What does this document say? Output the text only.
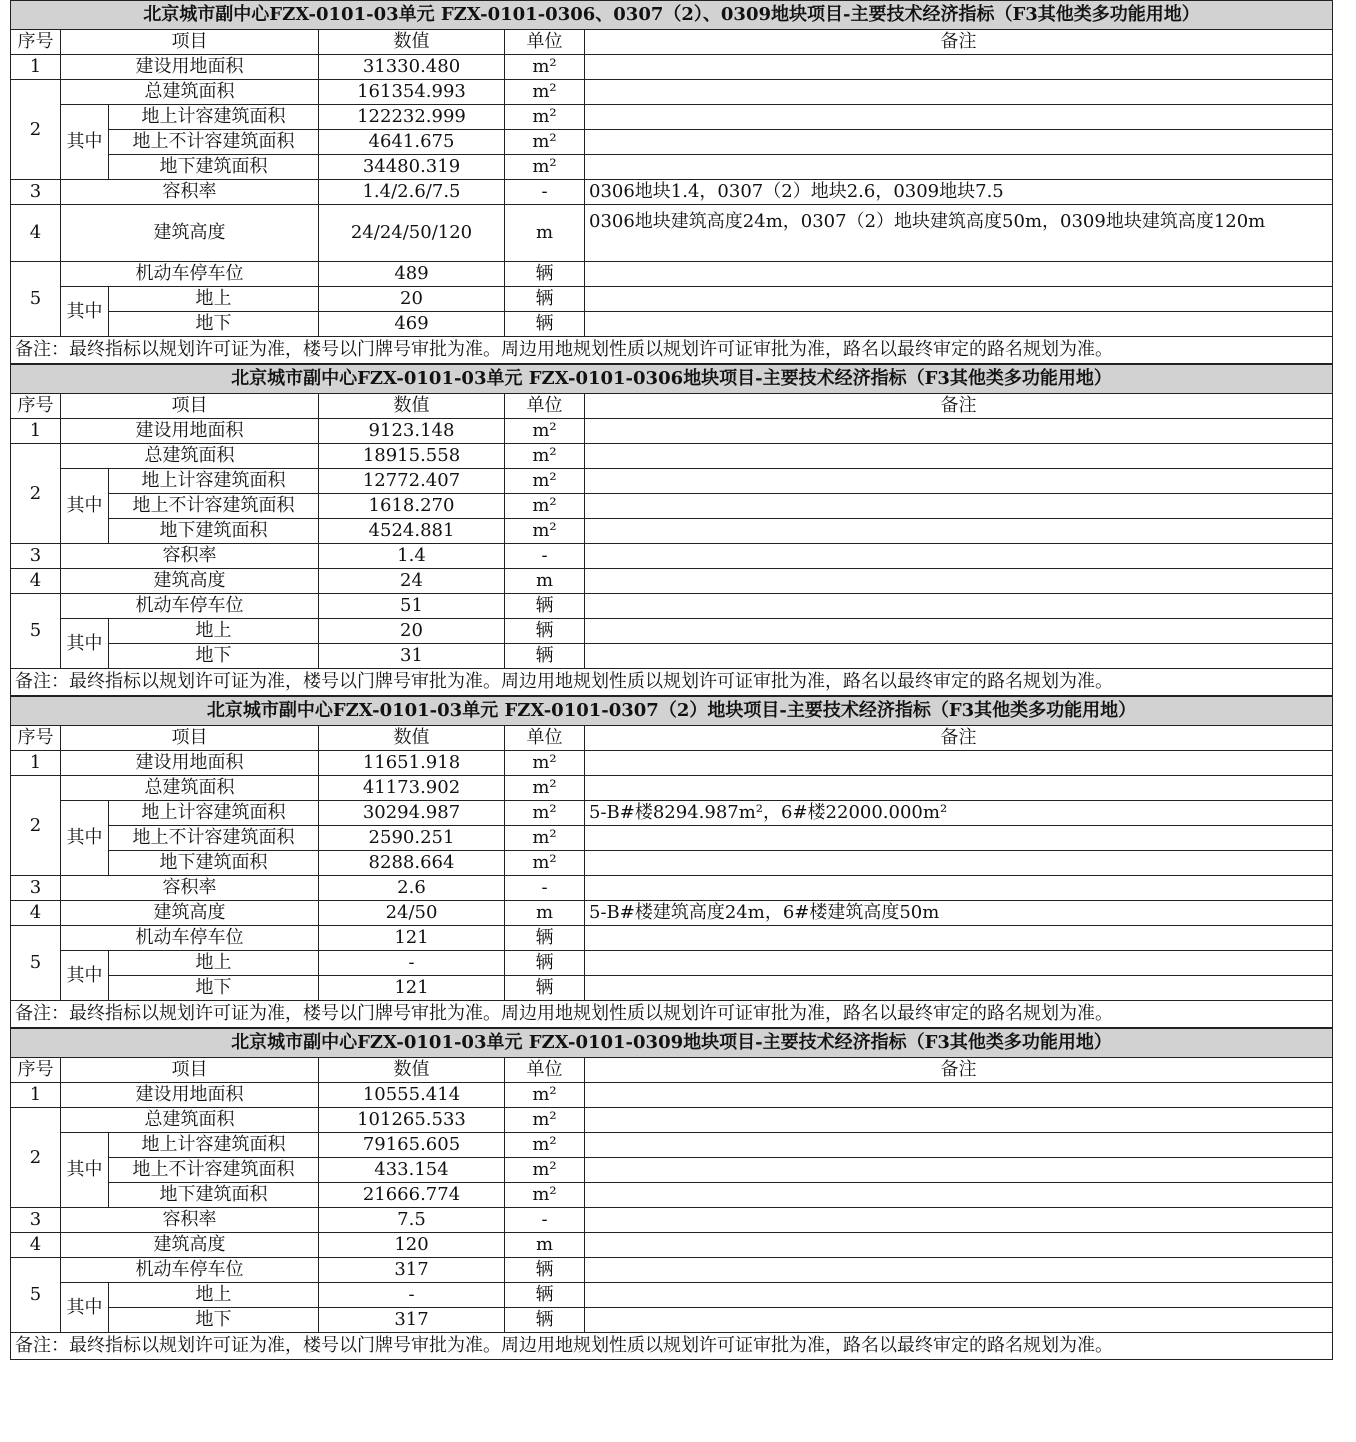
北京城市副中心FZX-0101-03单元 FZX-0101-0306、0307（2）、0309地块项目-主要技术经济指标（F3其他类多功能用地）					
序号	项目		数值	单位	备注
1	建设用地面积		31330.480	m²	
2	总建筑面积		161354.993	m²	
	其中	地上计容建筑面积	122232.999	m²	
		地上不计容建筑面积	4641.675	m²	
		地下建筑面积	34480.319	m²	
3	容积率		1.4/2.6/7.5	-	0306地块1.4，0307（2）地块2.6，0309地块7.5
4	建筑高度		24/24/50/120	m	0306地块建筑高度24m，0307（2）地块建筑高度50m，0309地块建筑高度120m
5	机动车停车位		489	辆	
	其中	地上	20	辆	
		地下	469	辆	
备注：最终指标以规划许可证为准，楼号以门牌号审批为准。周边用地规划性质以规划许可证审批为准，路名以最终审定的路名规划为准。					
北京城市副中心FZX-0101-03单元 FZX-0101-0306地块项目-主要技术经济指标（F3其他类多功能用地）					
序号	项目		数值	单位	备注
1	建设用地面积		9123.148	m²	
2	总建筑面积		18915.558	m²	
	其中	地上计容建筑面积	12772.407	m²	
		地上不计容建筑面积	1618.270	m²	
		地下建筑面积	4524.881	m²	
3	容积率		1.4	-	
4	建筑高度		24	m	
5	机动车停车位		51	辆	
	其中	地上	20	辆	
		地下	31	辆	
备注：最终指标以规划许可证为准，楼号以门牌号审批为准。周边用地规划性质以规划许可证审批为准，路名以最终审定的路名规划为准。					
北京城市副中心FZX-0101-03单元 FZX-0101-0307（2）地块项目-主要技术经济指标（F3其他类多功能用地）					
序号	项目		数值	单位	备注
1	建设用地面积		11651.918	m²	
2	总建筑面积		41173.902	m²	
	其中	地上计容建筑面积	30294.987	m²	5-B#楼8294.987m²，6#楼22000.000m²
		地上不计容建筑面积	2590.251	m²	
		地下建筑面积	8288.664	m²	
3	容积率		2.6	-	
4	建筑高度		24/50	m	5-B#楼建筑高度24m，6#楼建筑高度50m
5	机动车停车位		121	辆	
	其中	地上	-	辆	
		地下	121	辆	
备注：最终指标以规划许可证为准，楼号以门牌号审批为准。周边用地规划性质以规划许可证审批为准，路名以最终审定的路名规划为准。					
北京城市副中心FZX-0101-03单元 FZX-0101-0309地块项目-主要技术经济指标（F3其他类多功能用地）					
序号	项目		数值	单位	备注
1	建设用地面积		10555.414	m²	
2	总建筑面积		101265.533	m²	
	其中	地上计容建筑面积	79165.605	m²	
		地上不计容建筑面积	433.154	m²	
		地下建筑面积	21666.774	m²	
3	容积率		7.5	-	
4	建筑高度		120	m	
5	机动车停车位		317	辆	
	其中	地上	-	辆	
		地下	317	辆	
备注：最终指标以规划许可证为准，楼号以门牌号审批为准。周边用地规划性质以规划许可证审批为准，路名以最终审定的路名规划为准。					
